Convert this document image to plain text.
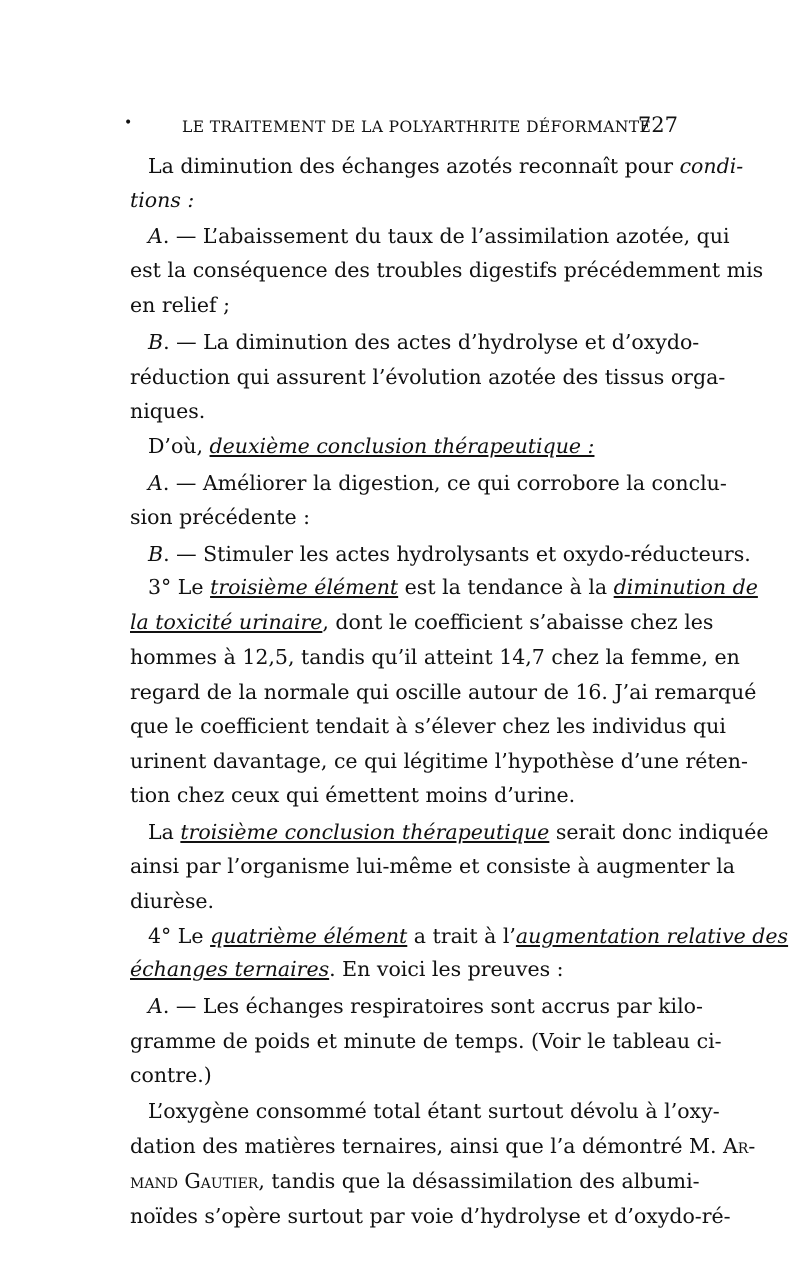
•	LE TRAITEMENT DE LA POLYARTHRITE DÉFORMANTE
727
La diminution des échanges azotés reconnaît pour condi-
tions :
A. — L’abaissement du taux de l’assimilation azotée, qui
est la conséquence des troubles digestifs précédemment mis
en relief ;
B. — La diminution des actes d’hydrolyse et d’oxydo-
réduction qui assurent l’évolution azotée des tissus orga-
niques.
D’où, deuxième conclusion thérapeutique :
A. — Améliorer la digestion, ce qui corrobore la conclu-
sion précédente :
B. — Stimuler les actes hydrolysants et oxydo-réducteurs.
3° Le troisième élément est la tendance à la diminution de
la toxicité urinaire, dont le coefficient s’abaisse chez les
hommes à 12,5, tandis qu’il atteint 14,7 chez la femme, en
regard de la normale qui oscille autour de 16. J’ai remarqué
que le coefficient tendait à s’élever chez les individus qui
urinent davantage, ce qui légitime l’hypothèse d’une réten-
tion chez ceux qui émettent moins d’urine.
La troisième conclusion thérapeutique serait donc indiquée
ainsi par l’organisme lui-même et consiste à augmenter la
diurèse.
4° Le quatrième élément a trait à l’augmentation relative des
échanges ternaires. En voici les preuves :
A. — Les échanges respiratoires sont accrus par kilo-
gramme de poids et minute de temps. (Voir le tableau ci-
contre.)
L’oxygène consommé total étant surtout dévolu à l’oxy-
dation des matières ternaires, ainsi que l’a démontré M. Ar-
mand Gautier, tandis que la désassimilation des albumi-
noïdes s’opère surtout par voie d’hydrolyse et d’oxydo-ré-
